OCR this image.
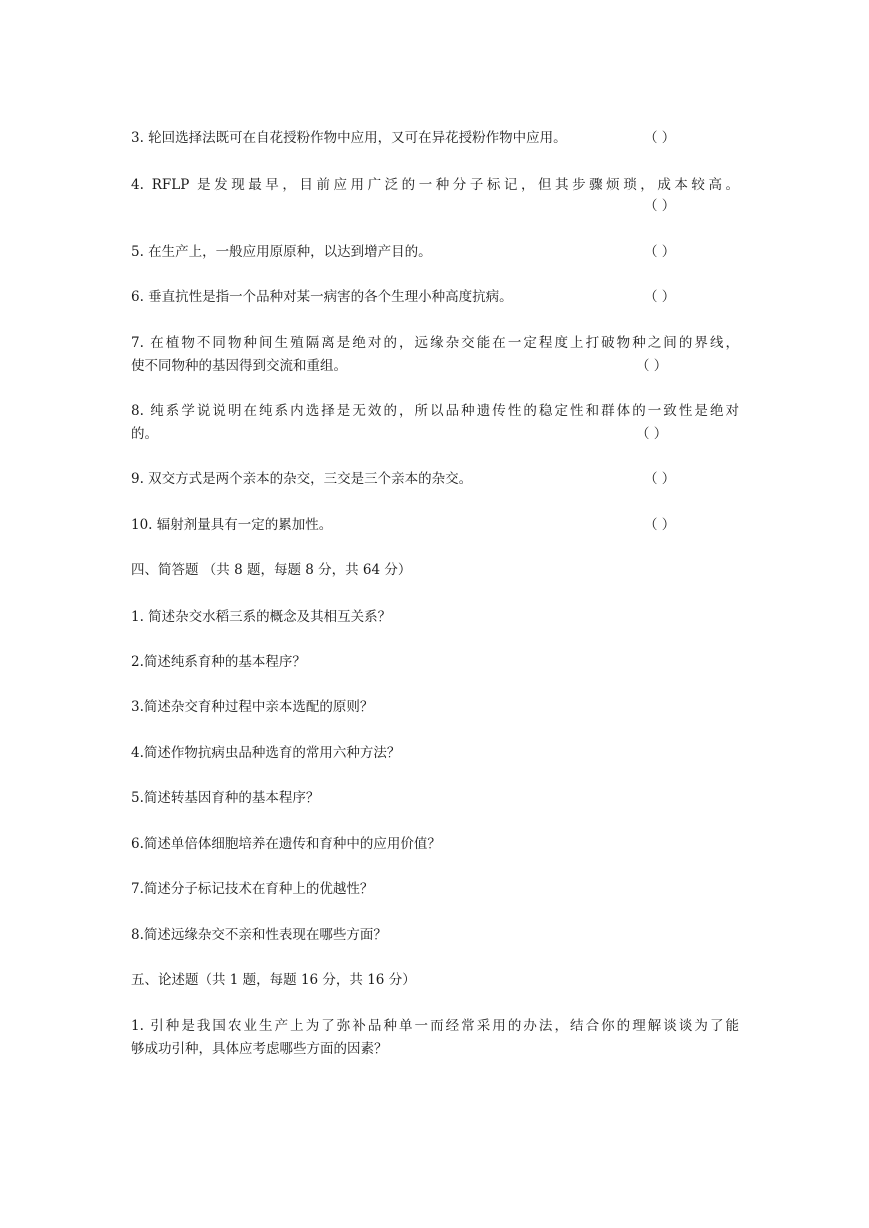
3. 轮回选择法既可在自花授粉作物中应用，又可在异花授粉作物中应用。	（ ）
4. RFLP 是发现最早，目前应用广泛的一种分子标记，但其步骤烦琐，成本较高。
（ ）
5. 在生产上，一般应用原原种，以达到增产目的。	（ ）
6. 垂直抗性是指一个品种对某一病害的各个生理小种高度抗病。	（ ）
7. 在植物不同物种间生殖隔离是绝对的，远缘杂交能在一定程度上打破物种之间的界线，
使不同物种的基因得到交流和重组。	（ ）
8. 纯系学说说明在纯系内选择是无效的，所以品种遗传性的稳定性和群体的一致性是绝对
的。	（ ）
9. 双交方式是两个亲本的杂交，三交是三个亲本的杂交。	（ ）
10. 辐射剂量具有一定的累加性。	（ ）
四、简答题 （共 8 题，每题 8 分，共 64 分）
1. 简述杂交水稻三系的概念及其相互关系？
2.简述纯系育种的基本程序？
3.简述杂交育种过程中亲本选配的原则？
4.简述作物抗病虫品种选育的常用六种方法？
5.简述转基因育种的基本程序？
6.简述单倍体细胞培养在遗传和育种中的应用价值？
7.简述分子标记技术在育种上的优越性？
8.简述远缘杂交不亲和性表现在哪些方面？
五、论述题（共 1 题，每题 16 分，共 16 分）
1. 引种是我国农业生产上为了弥补品种单一而经常采用的办法，结合你的理解谈谈为了能
够成功引种，具体应考虑哪些方面的因素？
